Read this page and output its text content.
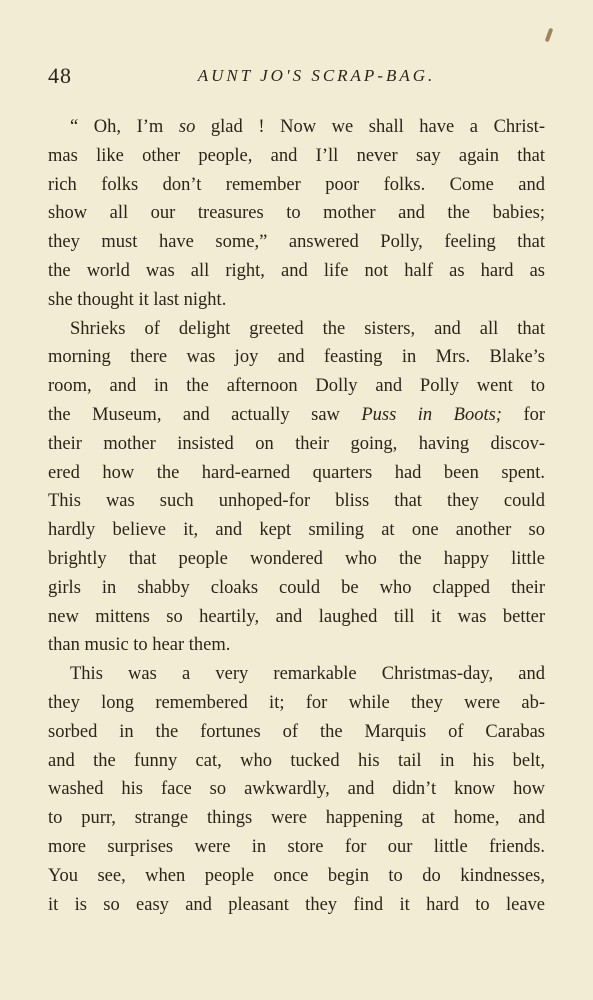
48	AUNT JO'S SCRAP-BAG.
“ Oh, I’m so glad ! Now we shall have a Christ-
mas like other people, and I’ll never say again that
rich folks don’t remember poor folks. Come and
show all our treasures to mother and the babies;
they must have some,” answered Polly, feeling that
the world was all right, and life not half as hard as
she thought it last night.
Shrieks of delight greeted the sisters, and all that
morning there was joy and feasting in Mrs. Blake’s
room, and in the afternoon Dolly and Polly went to
the Museum, and actually saw Puss in Boots; for
their mother insisted on their going, having discov-
ered how the hard-earned quarters had been spent.
This was such unhoped-for bliss that they could
hardly believe it, and kept smiling at one another so
brightly that people wondered who the happy little
girls in shabby cloaks could be who clapped their
new mittens so heartily, and laughed till it was better
than music to hear them.
This was a very remarkable Christmas-day, and
they long remembered it; for while they were ab-
sorbed in the fortunes of the Marquis of Carabas
and the funny cat, who tucked his tail in his belt,
washed his face so awkwardly, and didn’t know how
to purr, strange things were happening at home, and
more surprises were in store for our little friends.
You see, when people once begin to do kindnesses,
it is so easy and pleasant they find it hard to leave
